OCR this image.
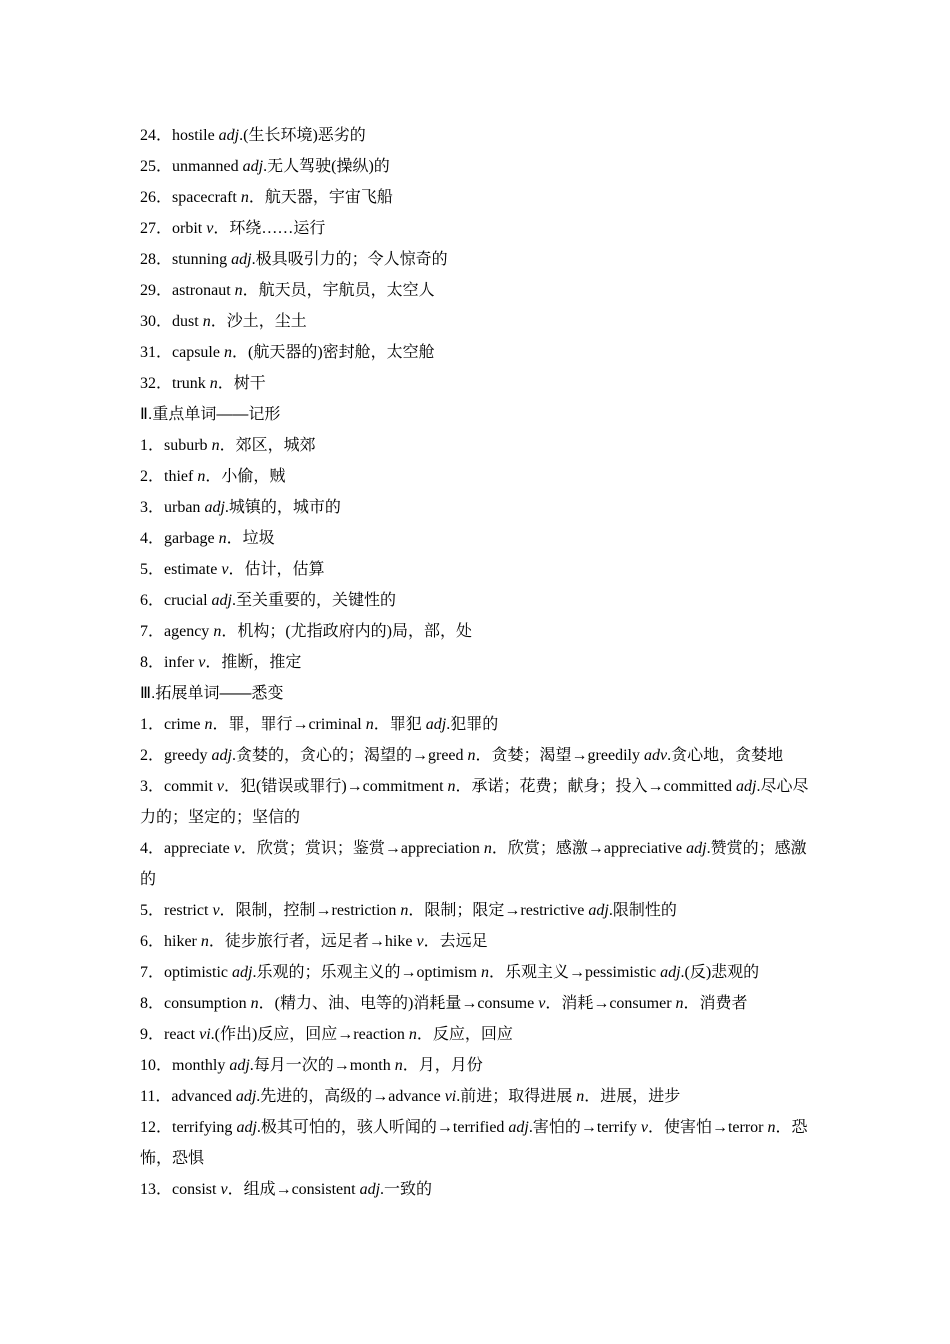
24．hostile adj.(生长环境)恶劣的

25．unmanned adj.无人驾驶(操纵)的

26．spacecraft n．航天器，宇宙飞船

27．orbit v．环绕……运行

28．stunning adj.极具吸引力的；令人惊奇的

29．astronaut n．航天员，宇航员，太空人

30．dust n．沙土，尘土

31．capsule n．(航天器的)密封舱，太空舱

32．trunk n．树干

Ⅱ.重点单词——记形

1．suburb n．郊区，城郊

2．thief n．小偷，贼

3．urban adj.城镇的，城市的

4．garbage n．垃圾

5．estimate v．估计，估算

6．crucial adj.至关重要的，关键性的

7．agency n．机构；(尤指政府内的)局，部，处

8．infer v．推断，推定

Ⅲ.拓展单词——悉变

1．crime n．罪，罪行→criminal n．罪犯 adj.犯罪的

2．greedy adj.贪婪的，贪心的；渴望的→greed n．贪婪；渴望→greedily adv.贪心地，贪婪地

3．commit v．犯(错误或罪行)→commitment n．承诺；花费；献身；投入→committed adj.尽心尽力的；坚定的；坚信的

4．appreciate v．欣赏；赏识；鉴赏→appreciation n．欣赏；感激→appreciative adj.赞赏的；感激的

5．restrict v．限制，控制→restriction n．限制；限定→restrictive adj.限制性的

6．hiker n．徒步旅行者，远足者→hike v．去远足

7．optimistic adj.乐观的；乐观主义的→optimism n．乐观主义→pessimistic adj.(反)悲观的

8．consumption n．(精力、油、电等的)消耗量→consume v．消耗→consumer n．消费者

9．react vi.(作出)反应，回应→reaction n．反应，回应

10．monthly adj.每月一次的→month n．月，月份

11．advanced adj.先进的，高级的→advance vi.前进；取得进展 n．进展，进步

12．terrifying adj.极其可怕的，骇人听闻的→terrified adj.害怕的→terrify v．使害怕→terror n．恐怖，恐惧

13．consist v．组成→consistent adj.一致的
